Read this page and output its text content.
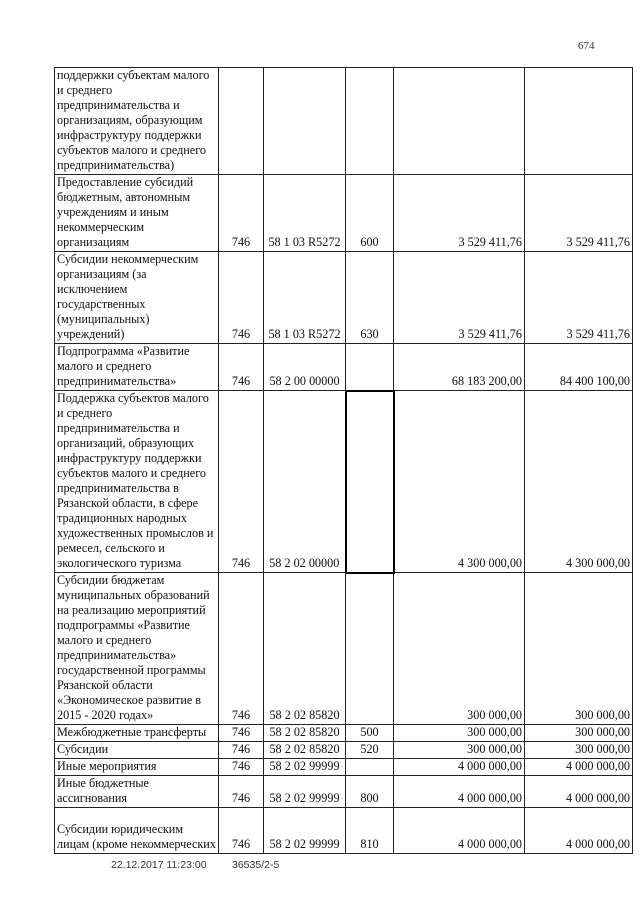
674
поддержки субъектам малого и среднего предпринимательства и организациям, образующим инфраструктуру поддержки субъектов малого и среднего предпринимательства)					
Предоставление субсидий бюджетным, автономным учреждениям и иным некоммерческим организациям	746	58 1 03 R5272	600	3 529 411,76	3 529 411,76
Субсидии некоммерческим организациям (за исключением государственных (муниципальных) учреждений)	746	58 1 03 R5272	630	3 529 411,76	3 529 411,76
Подпрограмма «Развитие малого и среднего предпринимательства»	746	58 2 00 00000		68 183 200,00	84 400 100,00
Поддержка субъектов малого и среднего предпринимательства и организаций, образующих инфраструктуру поддержки субъектов малого и среднего предпринимательства в Рязанской области, в сфере традиционных народных художественных промыслов и ремесел, сельского и экологического туризма	746	58 2 02 00000		4 300 000,00	4 300 000,00
Субсидии бюджетам муниципальных образований на реализацию мероприятий подпрограммы «Развитие малого и среднего предпринимательства» государственной программы Рязанской области «Экономическое развитие в 2015 - 2020 годах»	746	58 2 02 85820		300 000,00	300 000,00
Межбюджетные трансферты	746	58 2 02 85820	500	300 000,00	300 000,00
Субсидии	746	58 2 02 85820	520	300 000,00	300 000,00
Иные мероприятия	746	58 2 02 99999		4 000 000,00	4 000 000,00
Иные бюджетные ассигнования	746	58 2 02 99999	800	4 000 000,00	4 000 000,00
Субсидии юридическим лицам (кроме некоммерческих	746	58 2 02 99999	810	4 000 000,00	4 000 000,00
22.12.2017 11:23:00 36535/2-5
